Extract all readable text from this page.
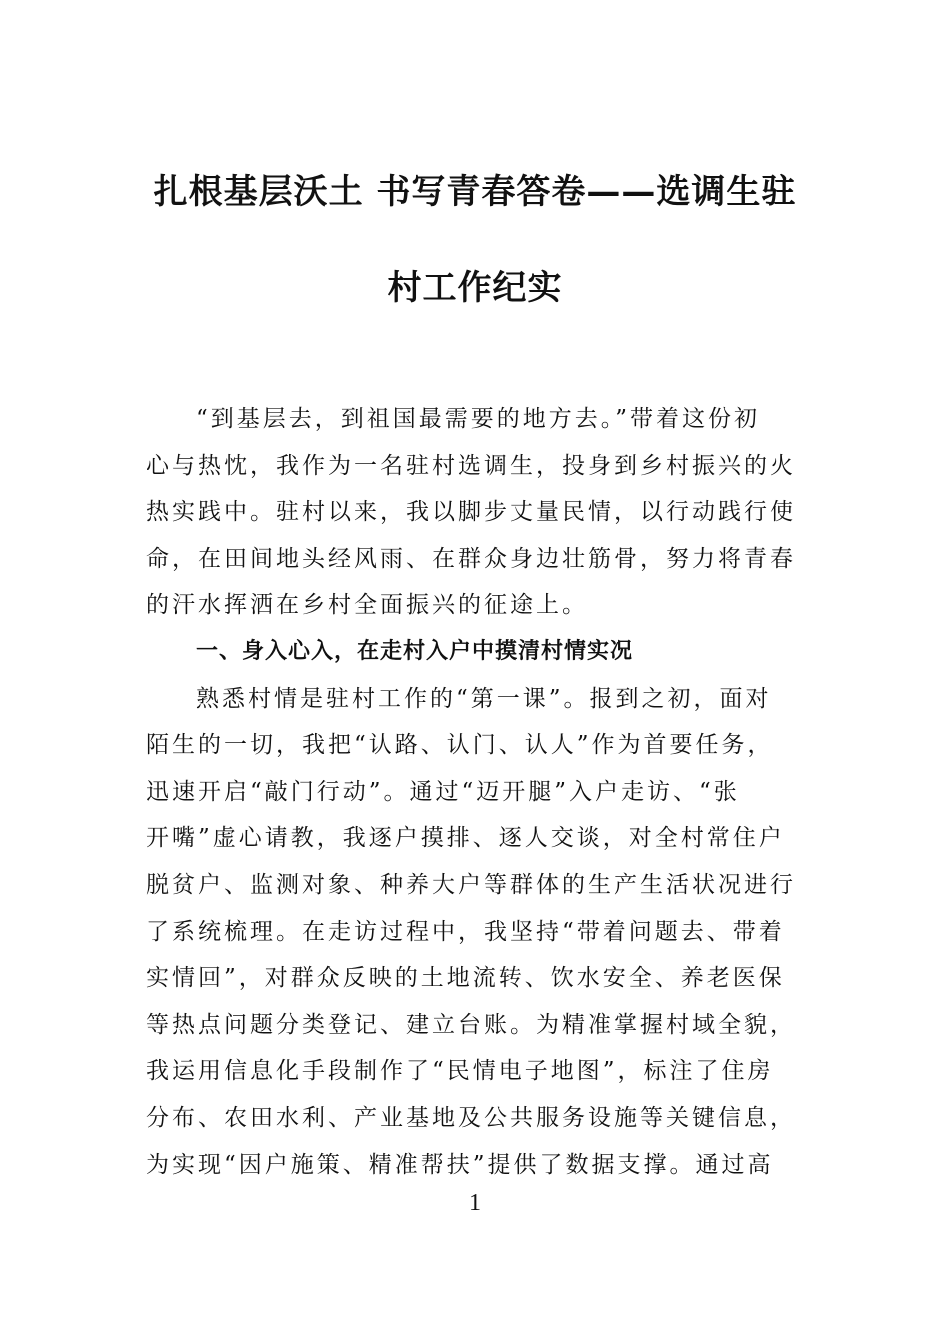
扎根基层沃土 书写青春答卷——选调生驻
村工作纪实
“到基层去，到祖国最需要的地方去。”带着这份初
心与热忱，我作为一名驻村选调生，投身到乡村振兴的火
热实践中。驻村以来，我以脚步丈量民情，以行动践行使
命，在田间地头经风雨、在群众身边壮筋骨，努力将青春
的汗水挥洒在乡村全面振兴的征途上。
一、身入心入，在走村入户中摸清村情实况
熟悉村情是驻村工作的“第一课”。报到之初，面对
陌生的一切，我把“认路、认门、认人”作为首要任务，
迅速开启“敲门行动”。通过“迈开腿”入户走访、“张
开嘴”虚心请教，我逐户摸排、逐人交谈，对全村常住户
脱贫户、监测对象、种养大户等群体的生产生活状况进行
了系统梳理。在走访过程中，我坚持“带着问题去、带着
实情回”，对群众反映的土地流转、饮水安全、养老医保
等热点问题分类登记、建立台账。为精准掌握村域全貌，
我运用信息化手段制作了“民情电子地图”，标注了住房
分布、农田水利、产业基地及公共服务设施等关键信息，
为实现“因户施策、精准帮扶”提供了数据支撑。通过高
1
